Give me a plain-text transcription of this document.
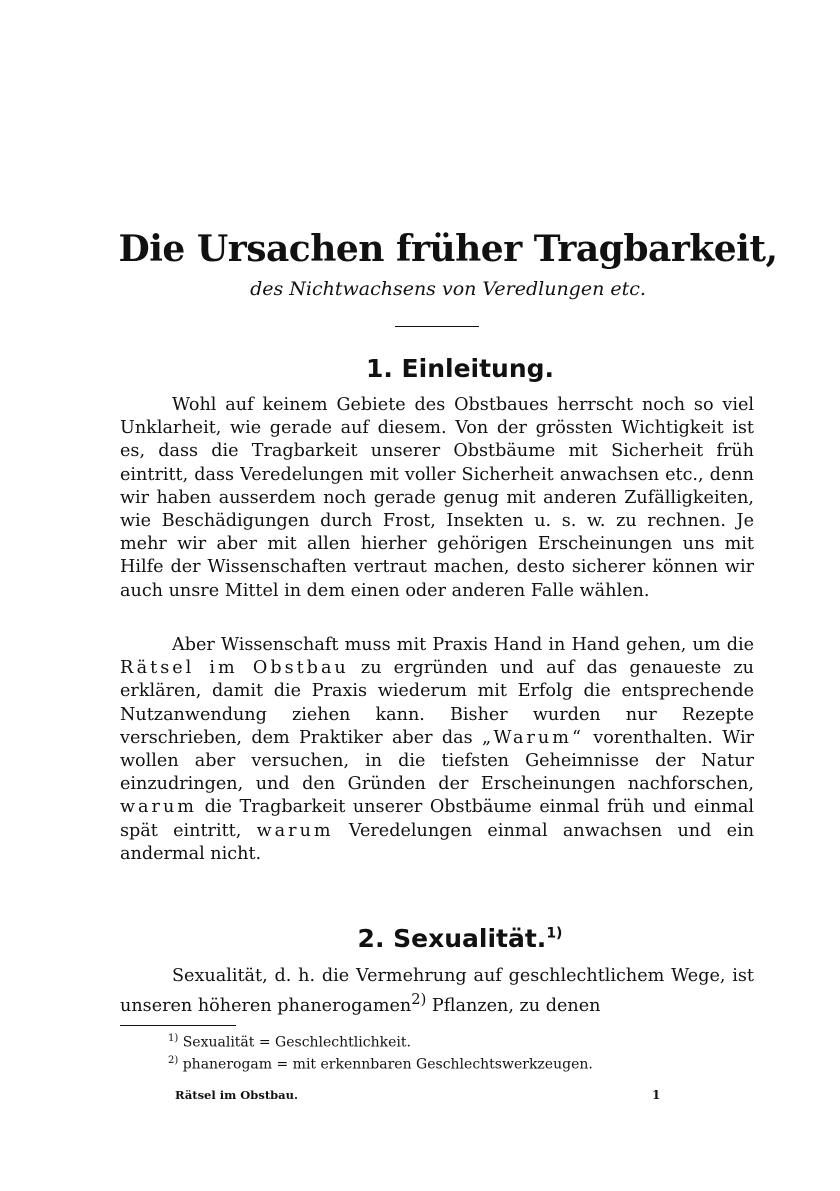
Die Ursachen früher Tragbarkeit,

des Nichtwachsens von Veredlungen etc.

1. Einleitung.

Wohl auf keinem Gebiete des Obstbaues herrscht noch so viel Unklarheit, wie gerade auf diesem. Von der grössten Wichtigkeit ist es, dass die Tragbarkeit unserer Obstbäume mit Sicherheit früh eintritt, dass Veredelungen mit voller Sicherheit anwachsen etc., denn wir haben ausserdem noch gerade genug mit anderen Zufälligkeiten, wie Beschädigungen durch Frost, Insekten u. s. w. zu rechnen. Je mehr wir aber mit allen hierher gehörigen Erscheinungen uns mit Hilfe der Wissenschaften vertraut machen, desto sicherer können wir auch unsre Mittel in dem einen oder anderen Falle wählen.

Aber Wissenschaft muss mit Praxis Hand in Hand gehen, um die Rätsel im Obstbau zu ergründen und auf das genaueste zu erklären, damit die Praxis wiederum mit Erfolg die entsprechende Nutzanwendung ziehen kann. Bisher wurden nur Rezepte verschrieben, dem Praktiker aber das „Warum“ vorenthalten. Wir wollen aber versuchen, in die tiefsten Geheimnisse der Natur einzudringen, und den Gründen der Erscheinungen nachforschen, warum die Tragbarkeit unserer Obstbäume einmal früh und einmal spät eintritt, warum Veredelungen einmal anwachsen und ein andermal nicht.

2. Sexualität.$^{1)}$

Sexualität, d. h. die Vermehrung auf geschlechtlichem Wege, ist unseren höheren phanerogamen$^{2)}$ Pflanzen, zu denen

$^{1)}$ Sexualität = Geschlechtlichkeit.

$^{2)}$ phanerogam = mit erkennbaren Geschlechtswerkzeugen.

Rätsel im Obstbau.	1
